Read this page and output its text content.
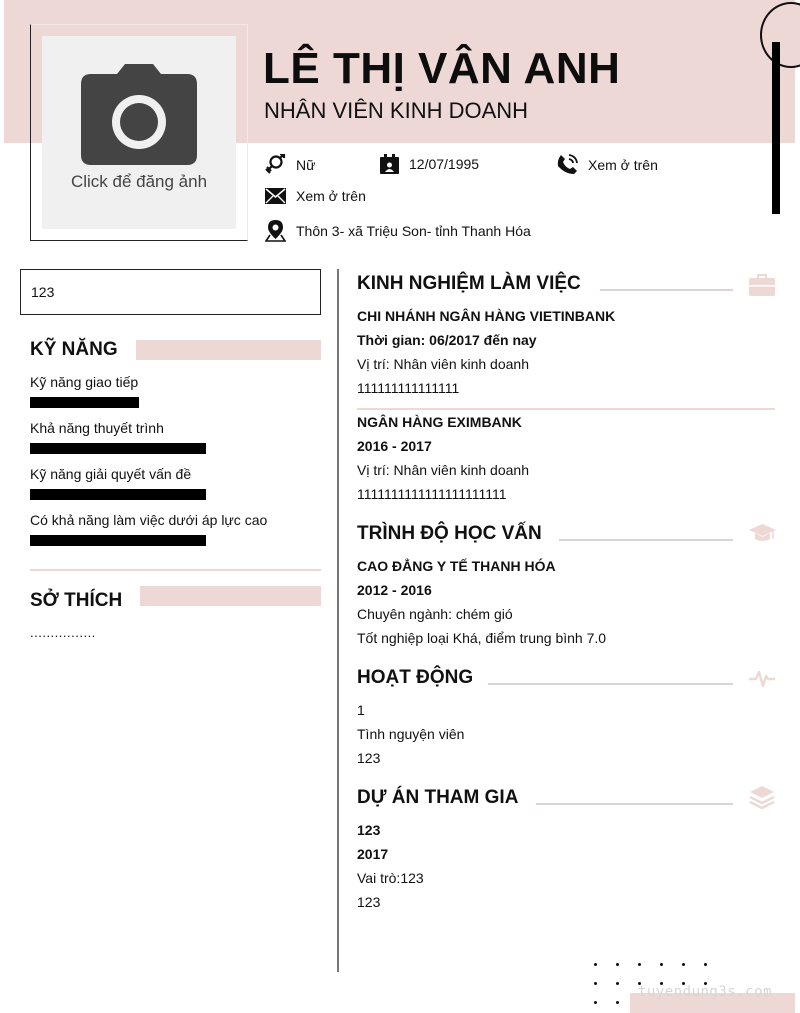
Click để đăng ảnh
LÊ THỊ VÂN ANH
NHÂN VIÊN KINH DOANH
Nữ	12/07/1995	Xem ở trên
Xem ở trên
Thôn 3- xã Triệu Son- tỉnh Thanh Hóa
123
KỸ NĂNG
Kỹ năng giao tiếp
Khả năng thuyết trình
Kỹ năng giải quyết vấn đề
Có khả năng làm việc dưới áp lực cao
SỞ THÍCH
................
KINH NGHIỆM LÀM VIỆC
CHI NHÁNH NGÂN HÀNG VIETINBANK
Thời gian: 06/2017 đến nay
Vị trí: Nhân viên kinh doanh
111111111111111
NGÂN HÀNG EXIMBANK
2016 - 2017
Vị trí: Nhân viên kinh doanh
1111111111111111111111
TRÌNH ĐỘ HỌC VẤN
CAO ĐẲNG Y TẾ THANH HÓA
2012 - 2016
Chuyên ngành: chém gió
Tốt nghiệp loại Khá, điểm trung bình 7.0
HOẠT ĐỘNG
1
Tình nguyện viên
123
DỰ ÁN THAM GIA
123
2017
Vai trò:123
123
tuyendung3s.com
